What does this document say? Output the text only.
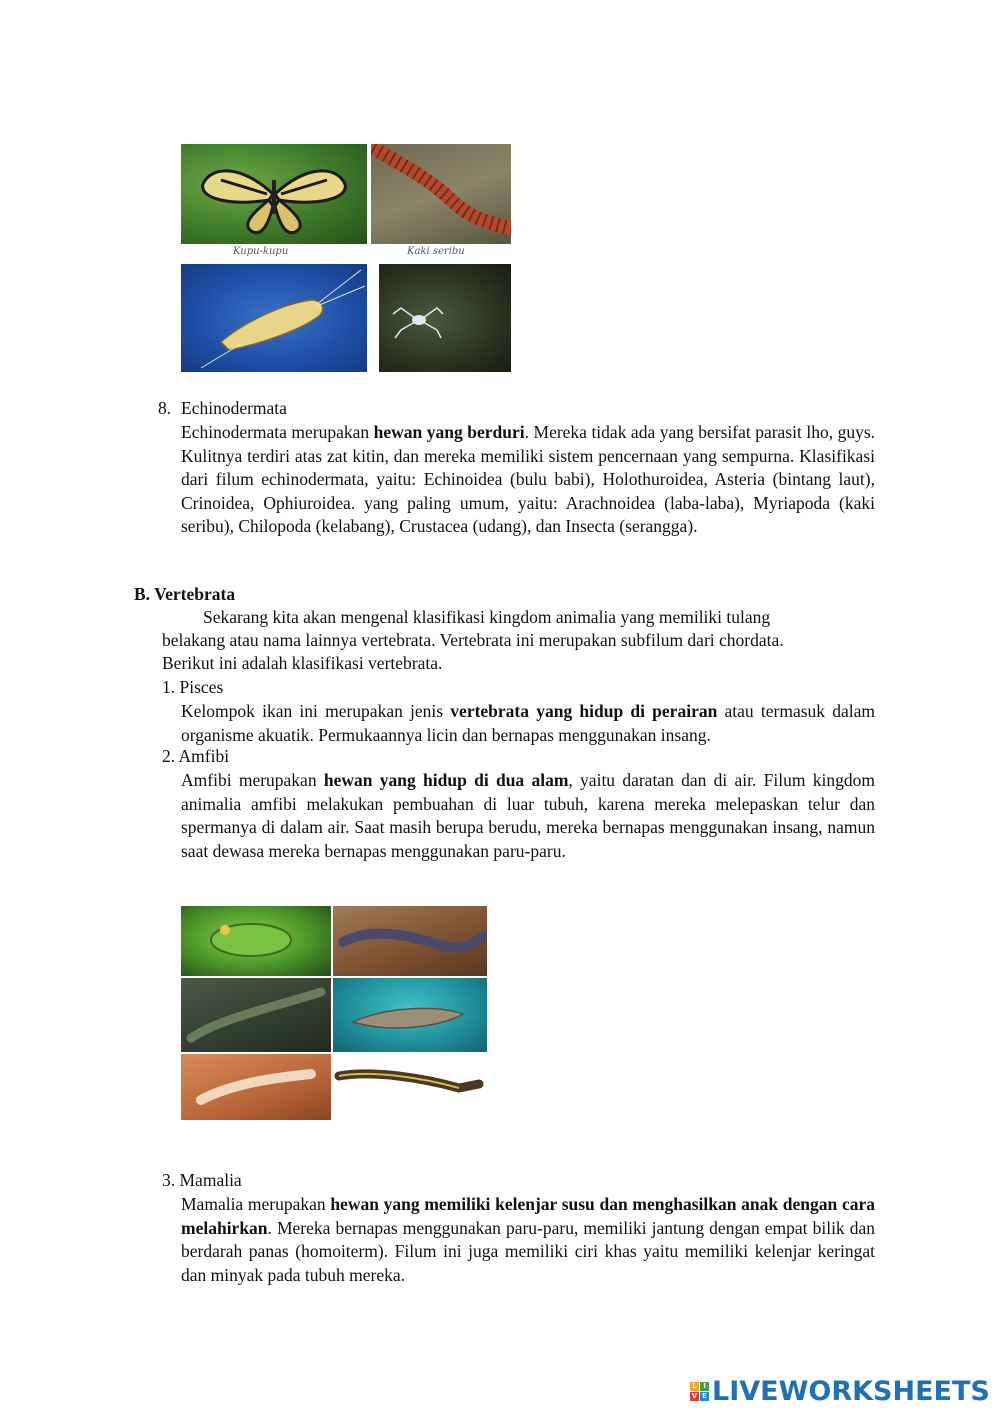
Kupu-kupu	Kaki seribu
8. Echinodermata
Echinodermata merupakan hewan yang berduri. Mereka tidak ada yang bersifat parasit lho, guys. Kulitnya terdiri atas zat kitin, dan mereka memiliki sistem pencernaan yang sempurna. Klasifikasi dari filum echinodermata, yaitu: Echinoidea (bulu babi), Holothuroidea, Asteria (bintang laut), Crinoidea, Ophiuroidea. yang paling umum, yaitu: Arachnoidea (laba-laba), Myriapoda (kaki seribu), Chilopoda (kelabang), Crustacea (udang), dan Insecta (serangga).
B. Vertebrata
Sekarang kita akan mengenal klasifikasi kingdom animalia yang memiliki tulang
belakang atau nama lainnya vertebrata. Vertebrata ini merupakan subfilum dari chordata.
Berikut ini adalah klasifikasi vertebrata.
1. Pisces
Kelompok ikan ini merupakan jenis vertebrata yang hidup di perairan atau termasuk dalam organisme akuatik. Permukaannya licin dan bernapas menggunakan insang.
2. Amfibi
Amfibi merupakan hewan yang hidup di dua alam, yaitu daratan dan di air. Filum kingdom animalia amfibi melakukan pembuahan di luar tubuh, karena mereka melepaskan telur dan spermanya di dalam air. Saat masih berupa berudu, mereka bernapas menggunakan insang, namun saat dewasa mereka bernapas menggunakan paru-paru.
3. Mamalia
Mamalia merupakan hewan yang memiliki kelenjar susu dan menghasilkan anak dengan cara melahirkan. Mereka bernapas menggunakan paru-paru, memiliki jantung dengan empat bilik dan berdarah panas (homoiterm). Filum ini juga memiliki ciri khas yaitu memiliki kelenjar keringat dan minyak pada tubuh mereka.
L I
V E LIVEWORKSHEETS
